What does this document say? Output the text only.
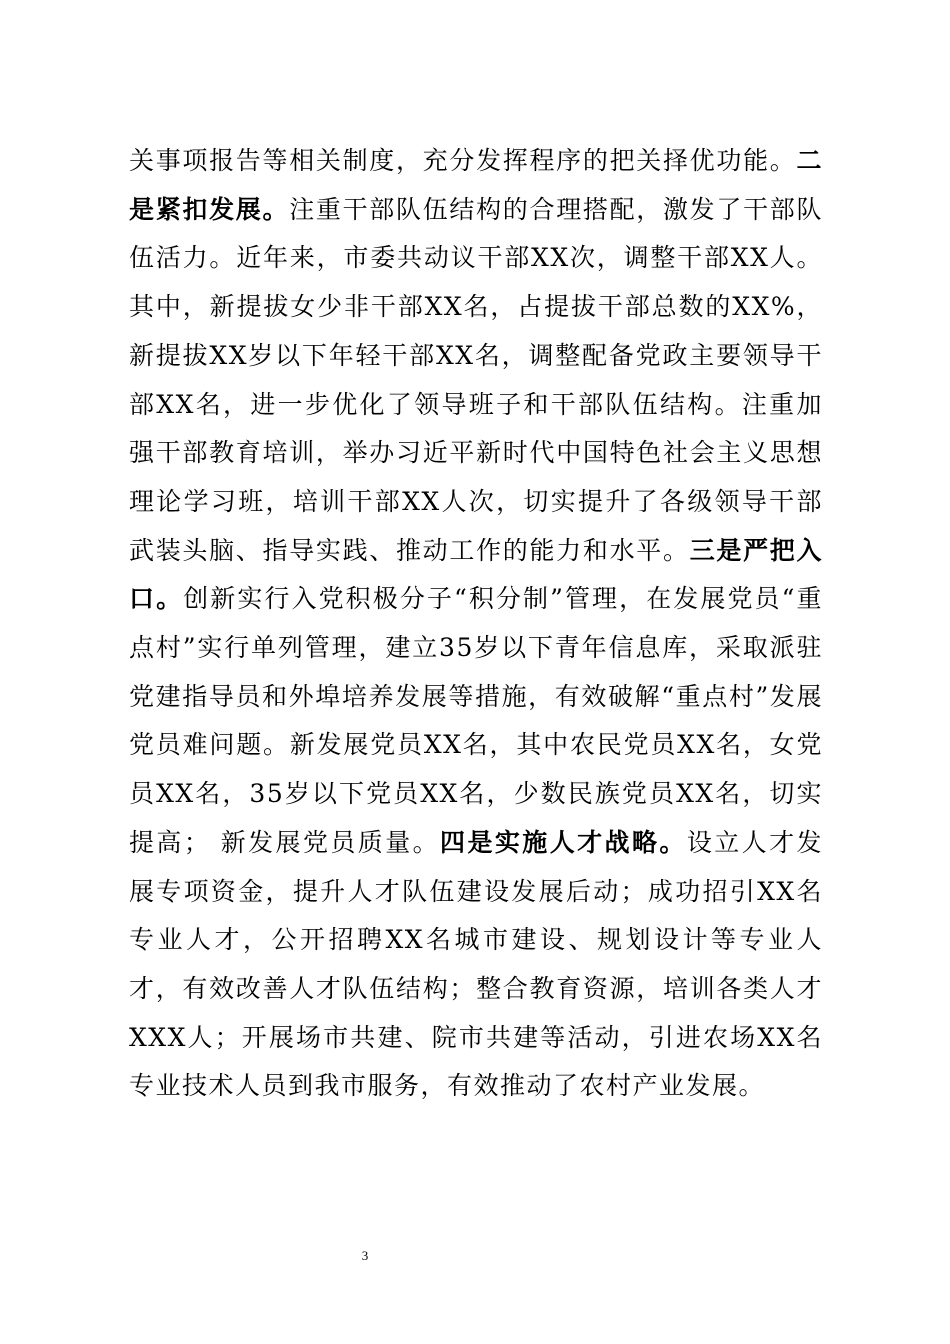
关事项报告等相关制度，充分发挥程序的把关择优功能。二是紧扣发展。注重干部队伍结构的合理搭配，激发了干部队伍活力。近年来，市委共动议干部XX次，调整干部XX人。其中，新提拔女少非干部XX名，占提拔干部总数的XX%，新提拔XX岁以下年轻干部XX名，调整配备党政主要领导干部XX名，进一步优化了领导班子和干部队伍结构。注重加强干部教育培训，举办习近平新时代中国特色社会主义思想理论学习班，培训干部XX人次，切实提升了各级领导干部武装头脑、指导实践、推动工作的能力和水平。三是严把入口。创新实行入党积极分子“积分制”管理，在发展党员“重点村”实行单列管理，建立35岁以下青年信息库，采取派驻党建指导员和外埠培养发展等措施，有效破解“重点村”发展党员难问题。新发展党员XX名，其中农民党员XX名，女党员XX名，35岁以下党员XX名，少数民族党员XX名，切实提高； 新发展党员质量。四是实施人才战略。设立人才发展专项资金，提升人才队伍建设发展后动；成功招引XX名专业人才，公开招聘XX名城市建设、规划设计等专业人才，有效改善人才队伍结构；整合教育资源，培训各类人才XXX人；开展场市共建、院市共建等活动，引进农场XX名专业技术人员到我市服务，有效推动了农村产业发展。

3
